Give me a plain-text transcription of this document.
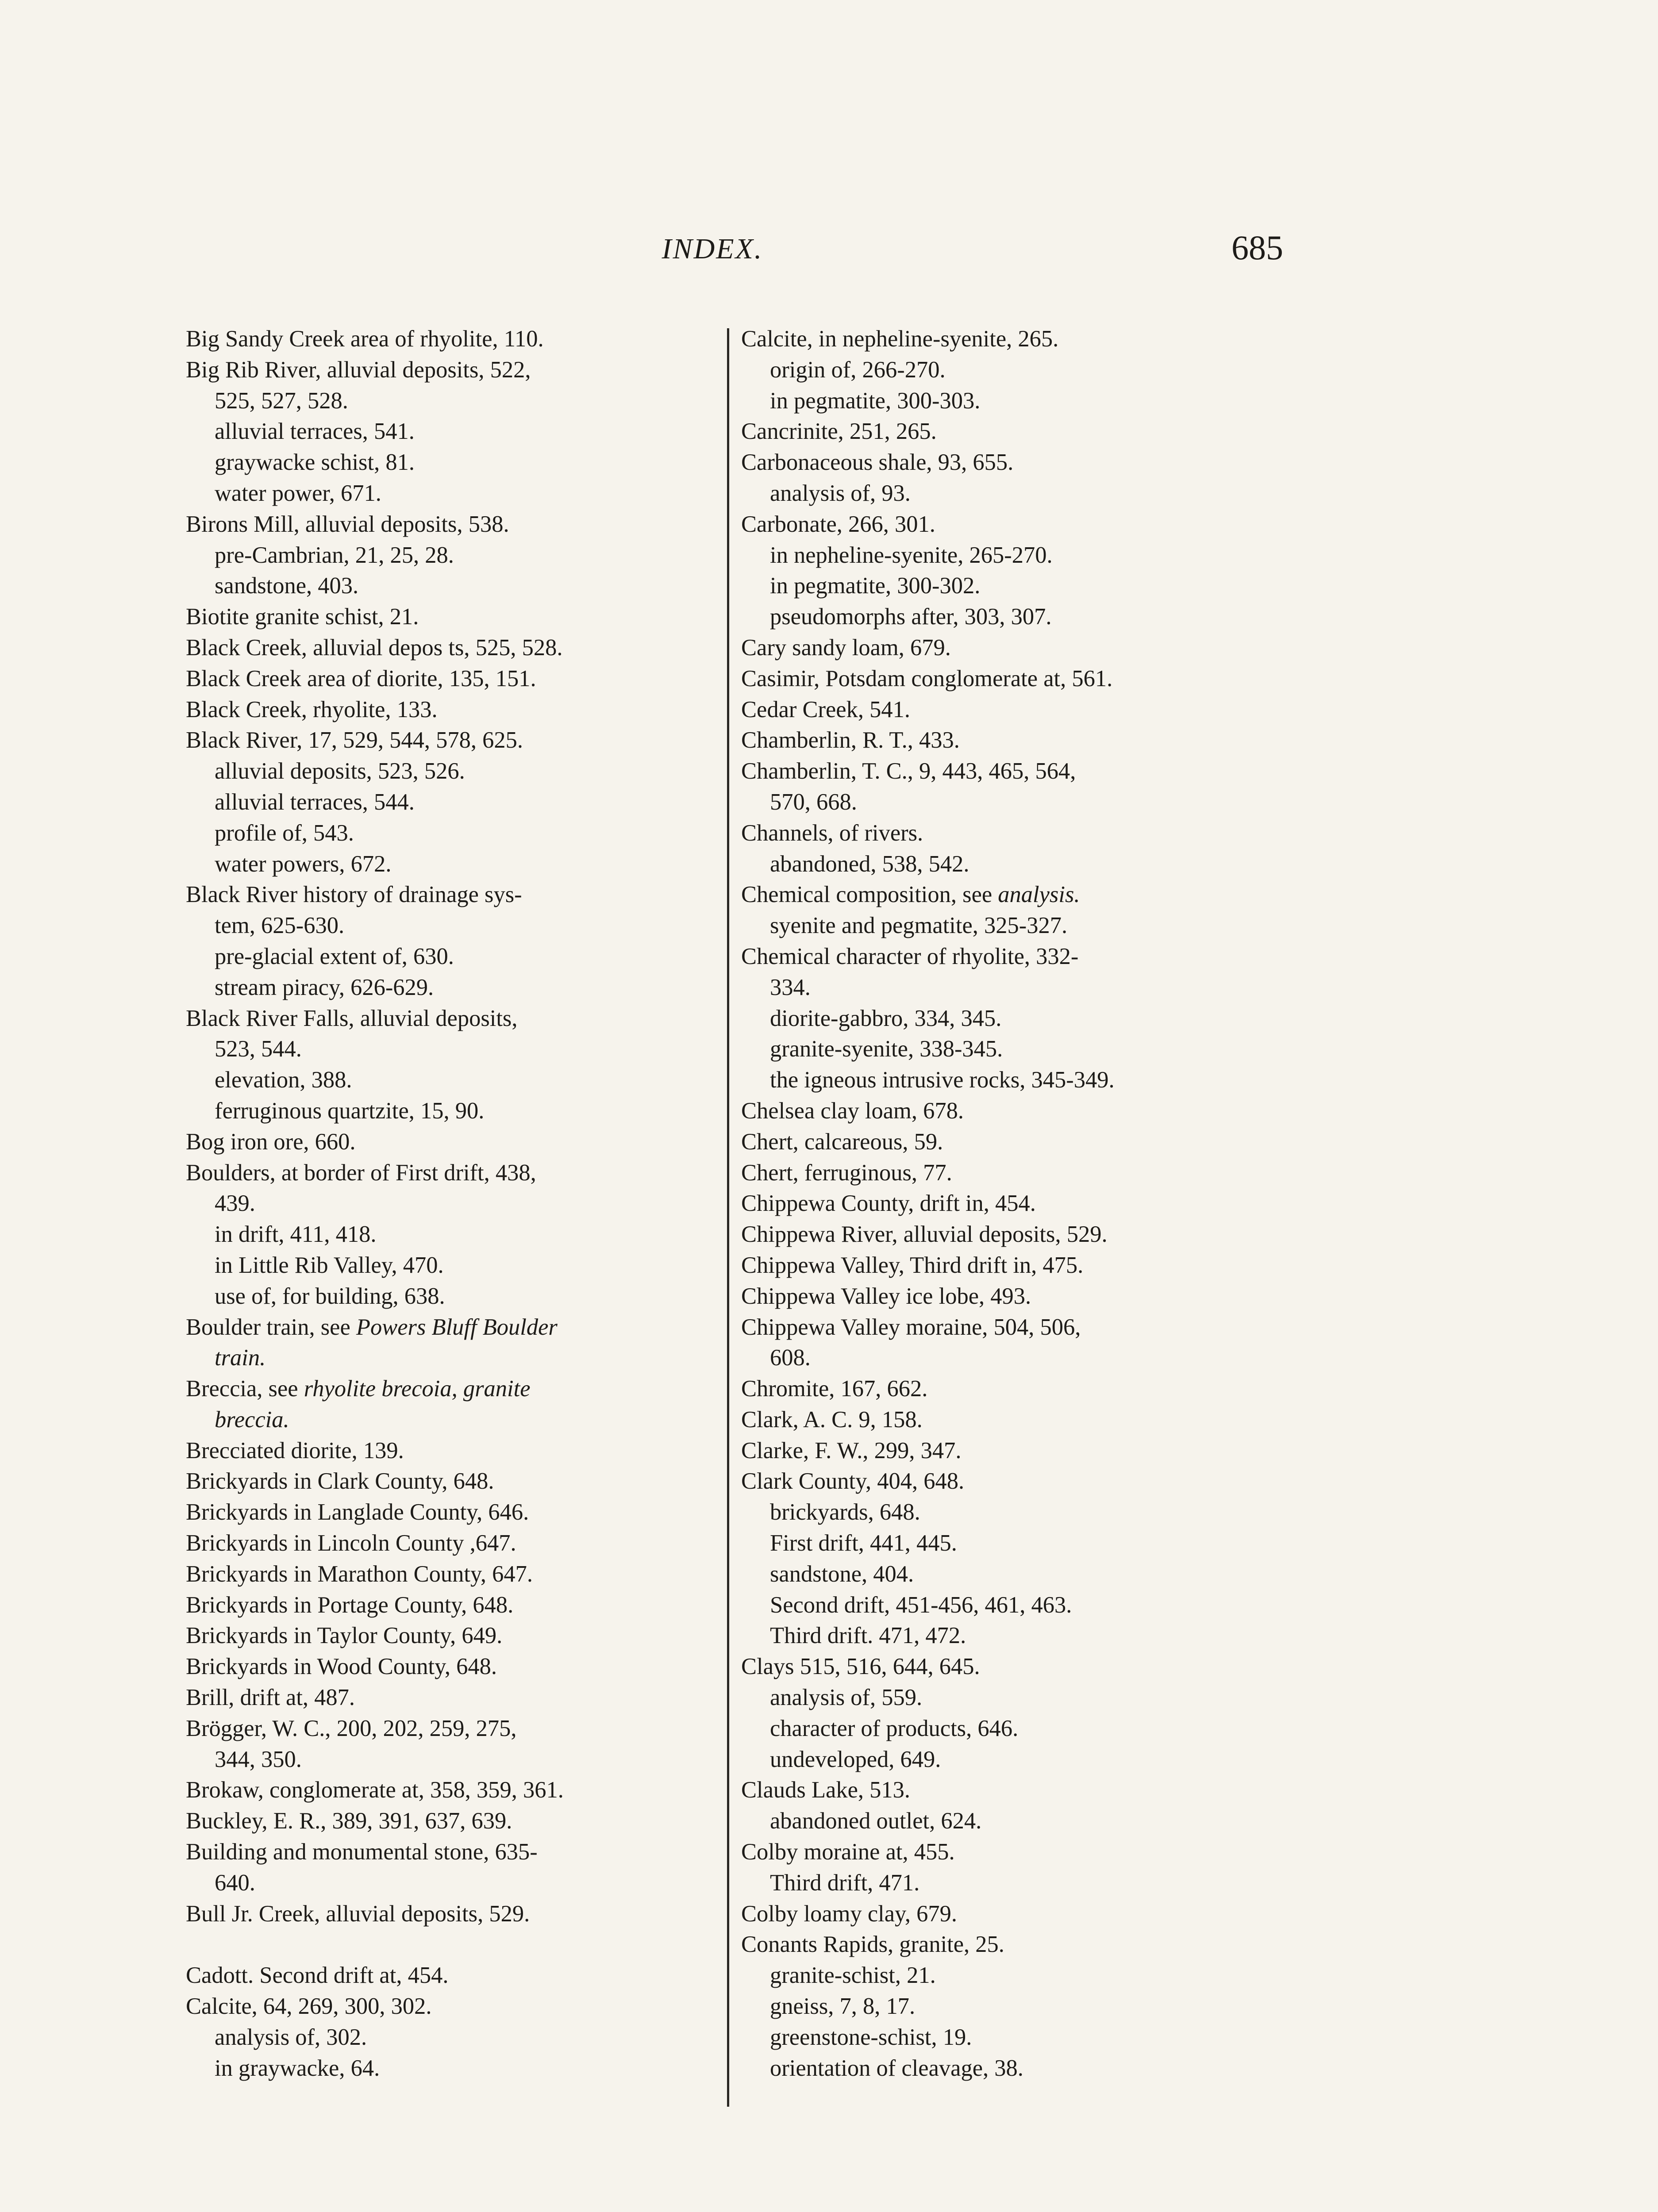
INDEX.	685
Big Sandy Creek area of rhyolite, 110.
Big Rib River, alluvial deposits, 522,
525, 527, 528.
alluvial terraces, 541.
graywacke schist, 81.
water power, 671.
Birons Mill, alluvial deposits, 538.
pre-Cambrian, 21, 25, 28.
sandstone, 403.
Biotite granite schist, 21.
Black Creek, alluvial depos ts, 525, 528.
Black Creek area of diorite, 135, 151.
Black Creek, rhyolite, 133.
Black River, 17, 529, 544, 578, 625.
alluvial deposits, 523, 526.
alluvial terraces, 544.
profile of, 543.
water powers, 672.
Black River history of drainage sys-
tem, 625-630.
pre-glacial extent of, 630.
stream piracy, 626-629.
Black River Falls, alluvial deposits,
523, 544.
elevation, 388.
ferruginous quartzite, 15, 90.
Bog iron ore, 660.
Boulders, at border of First drift, 438,
439.
in drift, 411, 418.
in Little Rib Valley, 470.
use of, for building, 638.
Boulder train, see Powers Bluff Boulder
train.
Breccia, see rhyolite brecoia, granite
breccia.
Brecciated diorite, 139.
Brickyards in Clark County, 648.
Brickyards in Langlade County, 646.
Brickyards in Lincoln County ,647.
Brickyards in Marathon County, 647.
Brickyards in Portage County, 648.
Brickyards in Taylor County, 649.
Brickyards in Wood County, 648.
Brill, drift at, 487.
Brögger, W. C., 200, 202, 259, 275,
344, 350.
Brokaw, conglomerate at, 358, 359, 361.
Buckley, E. R., 389, 391, 637, 639.
Building and monumental stone, 635-
640.
Bull Jr. Creek, alluvial deposits, 529.
Cadott. Second drift at, 454.
Calcite, 64, 269, 300, 302.
analysis of, 302.
in graywacke, 64.
Calcite, in nepheline-syenite, 265.
origin of, 266-270.
in pegmatite, 300-303.
Cancrinite, 251, 265.
Carbonaceous shale, 93, 655.
analysis of, 93.
Carbonate, 266, 301.
in nepheline-syenite, 265-270.
in pegmatite, 300-302.
pseudomorphs after, 303, 307.
Cary sandy loam, 679.
Casimir, Potsdam conglomerate at, 561.
Cedar Creek, 541.
Chamberlin, R. T., 433.
Chamberlin, T. C., 9, 443, 465, 564,
570, 668.
Channels, of rivers.
abandoned, 538, 542.
Chemical composition, see analysis.
syenite and pegmatite, 325-327.
Chemical character of rhyolite, 332-
334.
diorite-gabbro, 334, 345.
granite-syenite, 338-345.
the igneous intrusive rocks, 345-349.
Chelsea clay loam, 678.
Chert, calcareous, 59.
Chert, ferruginous, 77.
Chippewa County, drift in, 454.
Chippewa River, alluvial deposits, 529.
Chippewa Valley, Third drift in, 475.
Chippewa Valley ice lobe, 493.
Chippewa Valley moraine, 504, 506,
608.
Chromite, 167, 662.
Clark, A. C. 9, 158.
Clarke, F. W., 299, 347.
Clark County, 404, 648.
brickyards, 648.
First drift, 441, 445.
sandstone, 404.
Second drift, 451-456, 461, 463.
Third drift. 471, 472.
Clays 515, 516, 644, 645.
analysis of, 559.
character of products, 646.
undeveloped, 649.
Clauds Lake, 513.
abandoned outlet, 624.
Colby moraine at, 455.
Third drift, 471.
Colby loamy clay, 679.
Conants Rapids, granite, 25.
granite-schist, 21.
gneiss, 7, 8, 17.
greenstone-schist, 19.
orientation of cleavage, 38.
